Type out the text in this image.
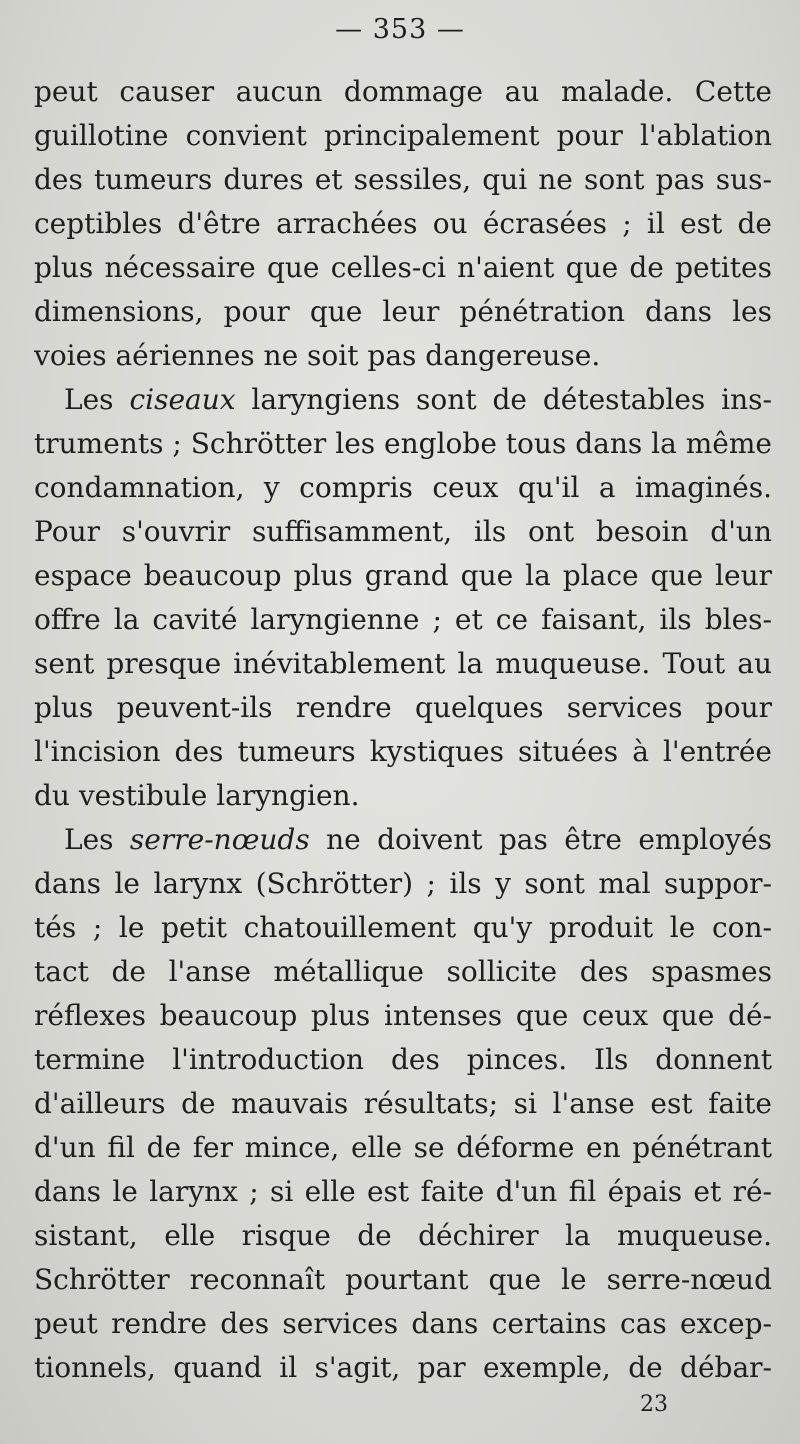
— 353 —
peut causer aucun dommage au malade. Cette
guillotine convient principalement pour l'ablation
des tumeurs dures et sessiles, qui ne sont pas sus-
ceptibles d'être arrachées ou écrasées ; il est de
plus nécessaire que celles-ci n'aient que de petites
dimensions, pour que leur pénétration dans les
voies aériennes ne soit pas dangereuse.
Les ciseaux laryngiens sont de détestables ins-
truments ; Schrötter les englobe tous dans la même
condamnation, y compris ceux qu'il a imaginés.
Pour s'ouvrir suffisamment, ils ont besoin d'un
espace beaucoup plus grand que la place que leur
offre la cavité laryngienne ; et ce faisant, ils bles-
sent presque inévitablement la muqueuse. Tout au
plus peuvent-ils rendre quelques services pour
l'incision des tumeurs kystiques situées à l'entrée
du vestibule laryngien.
Les serre-nœuds ne doivent pas être employés
dans le larynx (Schrötter) ; ils y sont mal suppor-
tés ; le petit chatouillement qu'y produit le con-
tact de l'anse métallique sollicite des spasmes
réflexes beaucoup plus intenses que ceux que dé-
termine l'introduction des pinces. Ils donnent
d'ailleurs de mauvais résultats; si l'anse est faite
d'un fil de fer mince, elle se déforme en pénétrant
dans le larynx ; si elle est faite d'un fil épais et ré-
sistant, elle risque de déchirer la muqueuse.
Schrötter reconnaît pourtant que le serre-nœud
peut rendre des services dans certains cas excep-
tionnels, quand il s'agit, par exemple, de débar-
23
